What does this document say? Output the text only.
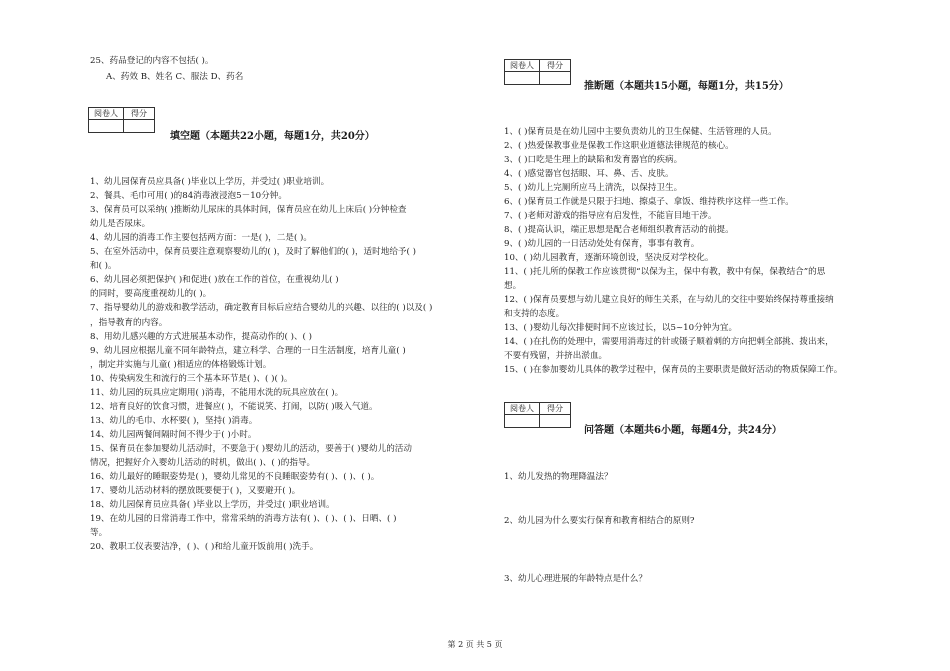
25、药品登记的内容不包括( )。
A、药效 B、姓名 C、服法 D、药名
阅卷人	得分

填空题（本题共22小题，每题1分，共20分）
1、幼儿园保育员应具备( )毕业以上学历，并受过( )职业培训。
2、餐具、毛巾可用( )的84消毒液浸泡5－10分钟。
3、保育员可以采纳( )推断幼儿尿床的具体时间，保育员应在幼儿上床后( )分钟检查
幼儿是否尿床。
4、幼儿园的消毒工作主要包括两方面：一是( )，二是( )。
5、在室外活动中，保育员要注意观察婴幼儿的( )，及时了解他们的( )，适时地给予( )
和( )。
6、幼儿园必须把保护( )和促进( )放在工作的首位，在重视幼儿( )
的同时，要高度重视幼儿的( )。
7、指导婴幼儿的游戏和教学活动，确定教育目标后应结合婴幼儿的兴趣、以往的( )以及( )
，指导教育的内容。
8、用幼儿感兴趣的方式进展基本动作，提高动作的( )、( )
9、幼儿园应根据儿童不同年龄特点，建立科学、合理的一日生活制度，培育儿童( )
，制定并实施与儿童( )相适应的体格锻炼计划。
10、传染病发生和流行的三个基本环节是( )、( )( )。
11、幼儿园的玩具应定期用( )消毒，不能用水洗的玩具应放在( )。
12、培育良好的饮食习惯，进餐应( )，不能说笑、打闹，以防( )吸入气道。
13、幼儿的毛巾、水杯要( )，坚持( )消毒。
14、幼儿园两餐间隔时间不得少于( )小时。
15、保育员在参加婴幼儿活动时，不要急于( )婴幼儿的活动，要善于( )婴幼儿的活动
情况，把握好介入婴幼儿活动的时机，做出( )、( )的指导。
16、幼儿最好的睡眠姿势是( )，婴幼儿常见的不良睡眠姿势有( )、( )、( )。
17、婴幼儿活动材料的摆放既要便于( )，又要避开( )。
18、幼儿园保育员应具备( )毕业以上学历，并受过( )职业培训。
19、在幼儿园的日常消毒工作中，常常采纳的消毒方法有( )、( )、( )、日晒、( )
等。
20、教职工仪表要洁净，( )、( )和给儿童开饭前用( )洗手。
阅卷人	得分

推断题（本题共15小题，每题1分，共15分）
1、( )保育员是在幼儿园中主要负责幼儿的卫生保健、生活管理的人员。
2、( )热爱保教事业是保教工作这职业道德法律规范的核心。
3、( )口吃是生理上的缺陷和发育器官的疾病。
4、( )感觉器官包括眼、耳、鼻、舌、皮肤。
5、( )幼儿上完厕所应马上清洗，以保持卫生。
6、( )保育员工作就是只限于扫地、擦桌子、拿饭、维持秩序这样一些工作。
7、( )老师对游戏的指导应有启发性，不能盲目地干涉。
8、( )提高认识，端正思想是配合老师组织教育活动的前提。
9、( )幼儿园的一日活动处处有保育，事事有教育。
10、( )幼儿园教育，逐渐环境创设，坚决反对学校化。
11、( )托儿所的保教工作应该贯彻“以保为主，保中有教，教中有保，保教结合”的思
想。
12、( )保育员要想与幼儿建立良好的师生关系，在与幼儿的交往中要始终保持尊重接纳
和支持的态度。
13、( )婴幼儿每次排便时间不应该过长，以5~10分钟为宜。
14、( )在扎伤的处理中，需要用消毒过的针或镊子顺着刺的方向把刺全部挑、拨出来，
不要有残留，并挤出淤血。
15、( )在参加婴幼儿具体的教学过程中，保育员的主要职责是做好活动的物质保障工作。
阅卷人	得分

问答题（本题共6小题，每题4分，共24分）
1、幼儿发热的物理降温法？
2、幼儿园为什么要实行保育和教育相结合的原则?
3、幼儿心理进展的年龄特点是什么？
第 2 页 共 5 页
